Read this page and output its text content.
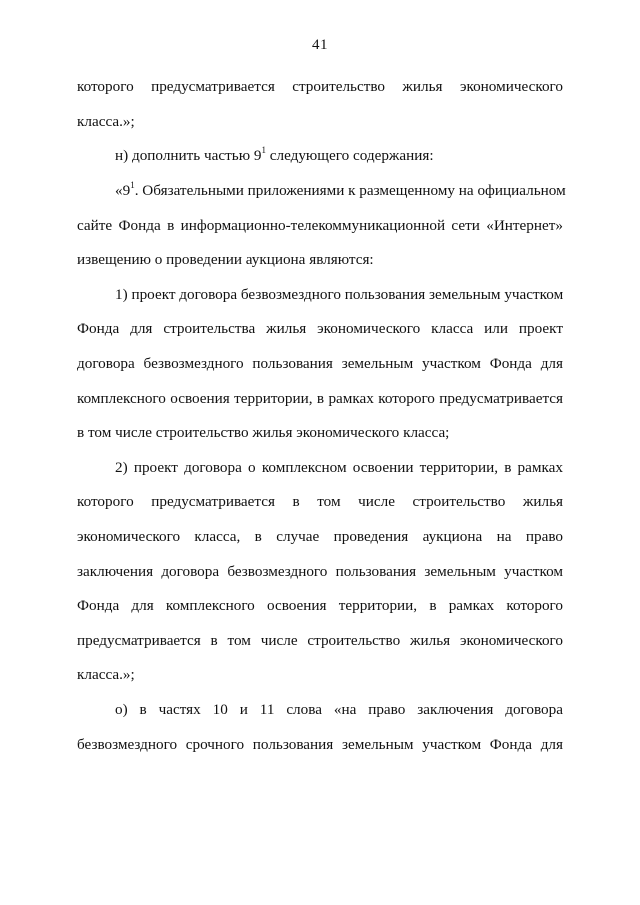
41
которого предусматривается строительство жилья экономического
класса.»;
н) дополнить частью $9^1$ следующего содержания:
«$9^1$. Обязательными приложениями к размещенному на официальном
сайте Фонда в информационно-телекоммуникационной сети «Интернет»
извещению о проведении аукциона являются:
1) проект договора безвозмездного пользования земельным участком
Фонда для строительства жилья экономического класса или проект
договора безвозмездного пользования земельным участком Фонда для
комплексного освоения территории, в рамках которого предусматривается
в том числе строительство жилья экономического класса;
2) проект договора о комплексном освоении территории, в рамках
которого предусматривается в том числе строительство жилья
экономического класса, в случае проведения аукциона на право
заключения договора безвозмездного пользования земельным участком
Фонда для комплексного освоения территории, в рамках которого
предусматривается в том числе строительство жилья экономического
класса.»;
о) в частях 10 и 11 слова «на право заключения договора
безвозмездного срочного пользования земельным участком Фонда для
